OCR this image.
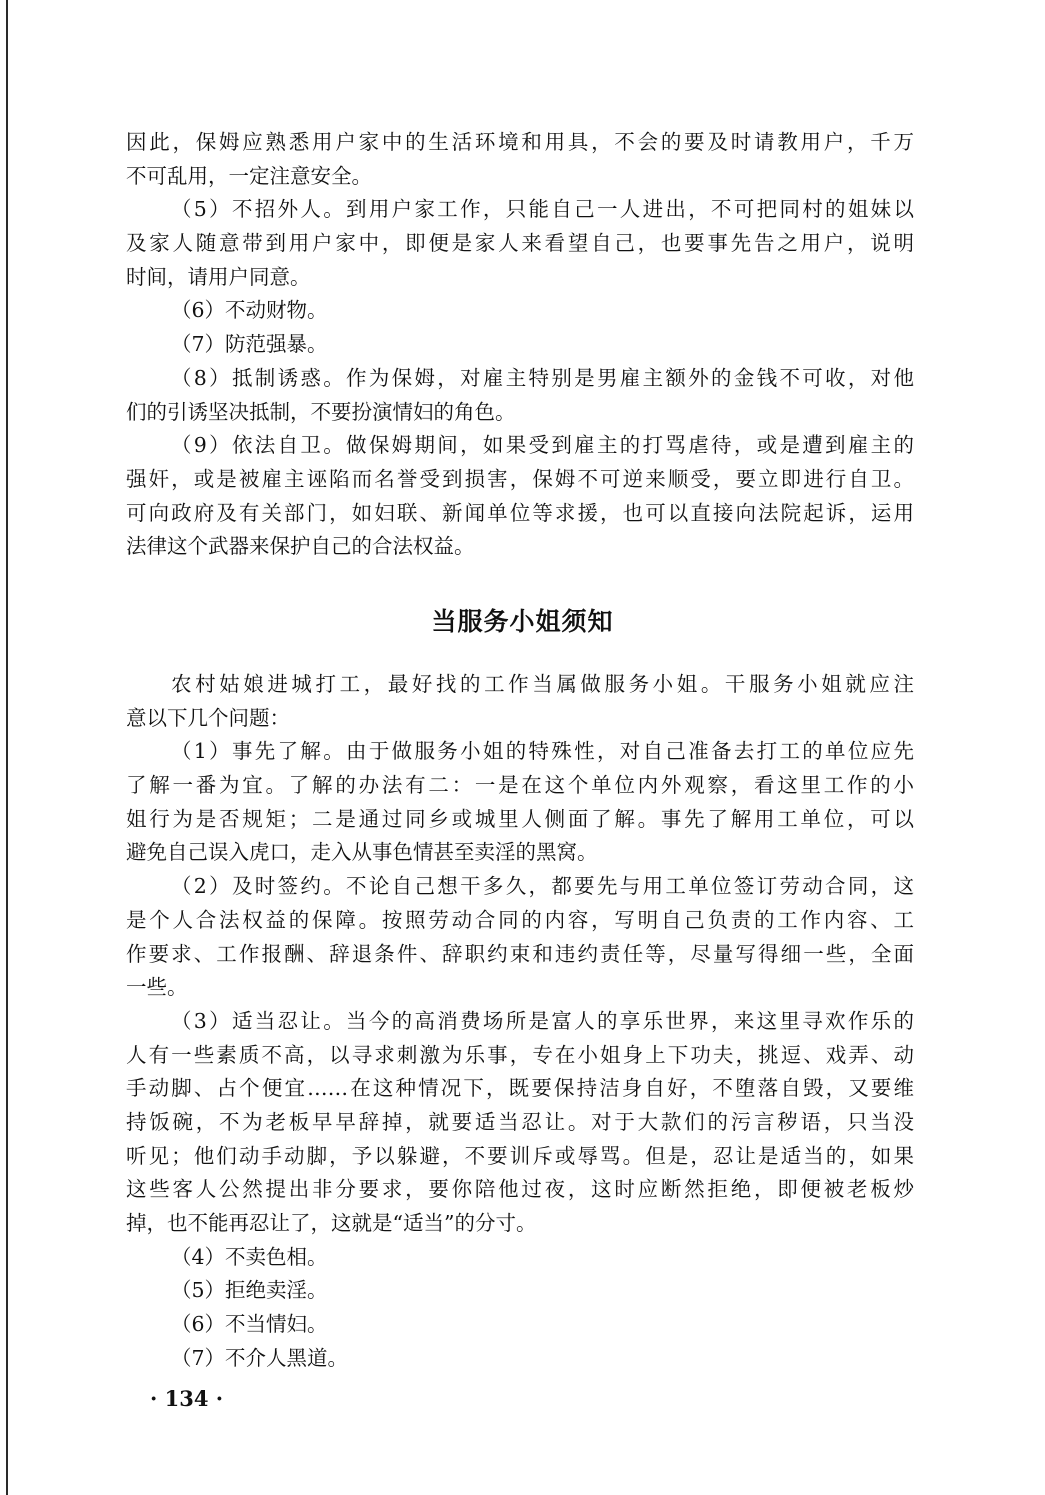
因此，保姆应熟悉用户家中的生活环境和用具，不会的要及时请教用户，千万
不可乱用，一定注意安全。
（5）不招外人。到用户家工作，只能自己一人进出，不可把同村的姐妹以
及家人随意带到用户家中，即便是家人来看望自己，也要事先告之用户，说明
时间，请用户同意。
（6）不动财物。
（7）防范强暴。
（8）抵制诱惑。作为保姆，对雇主特别是男雇主额外的金钱不可收，对他
们的引诱坚决抵制，不要扮演情妇的角色。
（9）依法自卫。做保姆期间，如果受到雇主的打骂虐待，或是遭到雇主的
强奸，或是被雇主诬陷而名誉受到损害，保姆不可逆来顺受，要立即进行自卫。
可向政府及有关部门，如妇联、新闻单位等求援，也可以直接向法院起诉，运用
法律这个武器来保护自己的合法权益。
当服务小姐须知
农村姑娘进城打工，最好找的工作当属做服务小姐。干服务小姐就应注
意以下几个问题：
（1）事先了解。由于做服务小姐的特殊性，对自己准备去打工的单位应先
了解一番为宜。了解的办法有二：一是在这个单位内外观察，看这里工作的小
姐行为是否规矩；二是通过同乡或城里人侧面了解。事先了解用工单位，可以
避免自己误入虎口，走入从事色情甚至卖淫的黑窝。
（2）及时签约。不论自己想干多久，都要先与用工单位签订劳动合同，这
是个人合法权益的保障。按照劳动合同的内容，写明自己负责的工作内容、工
作要求、工作报酬、辞退条件、辞职约束和违约责任等，尽量写得细一些，全面
一些。
（3）适当忍让。当今的高消费场所是富人的享乐世界，来这里寻欢作乐的
人有一些素质不高，以寻求刺激为乐事，专在小姐身上下功夫，挑逗、戏弄、动
手动脚、占个便宜……在这种情况下，既要保持洁身自好，不堕落自毁，又要维
持饭碗，不为老板早早辞掉，就要适当忍让。对于大款们的污言秽语，只当没
听见；他们动手动脚，予以躲避，不要训斥或辱骂。但是，忍让是适当的，如果
这些客人公然提出非分要求，要你陪他过夜，这时应断然拒绝，即便被老板炒
掉，也不能再忍让了，这就是“适当”的分寸。
（4）不卖色相。
（5）拒绝卖淫。
（6）不当情妇。
（7）不介人黑道。
· 134 ·
